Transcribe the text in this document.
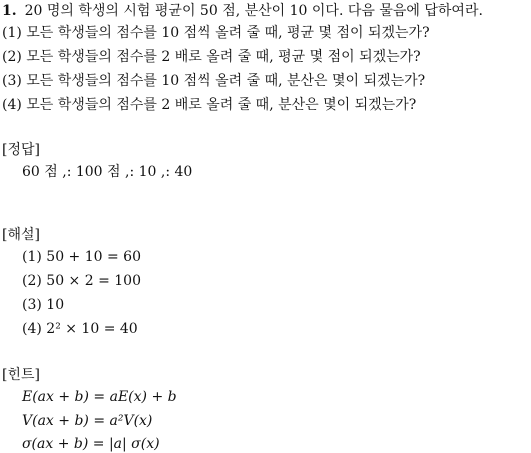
1. 20 명의 학생의 시험 평균이 50 점, 분산이 10 이다. 다음 물음에 답하여라.
(1) 모든 학생들의 점수를 10 점씩 올려 줄 때, 평균 몇 점이 되겠는가?
(2) 모든 학생들의 점수를 2 배로 올려 줄 때, 평균 몇 점이 되겠는가?
(3) 모든 학생들의 점수를 10 점씩 올려 줄 때, 분산은 몇이 되겠는가?
(4) 모든 학생들의 점수를 2 배로 올려 줄 때, 분산은 몇이 되겠는가?
[정답]
60 점 ,: 100 점 ,: 10 ,: 40
[해설]
(1) 50 + 10 = 60
(2) 50 × 2 = 100
(3) 10
(4) 2² × 10 = 40
[힌트]
E(ax + b) = aE(x) + b
V(ax + b) = a²V(x)
σ(ax + b) = |a| σ(x)
